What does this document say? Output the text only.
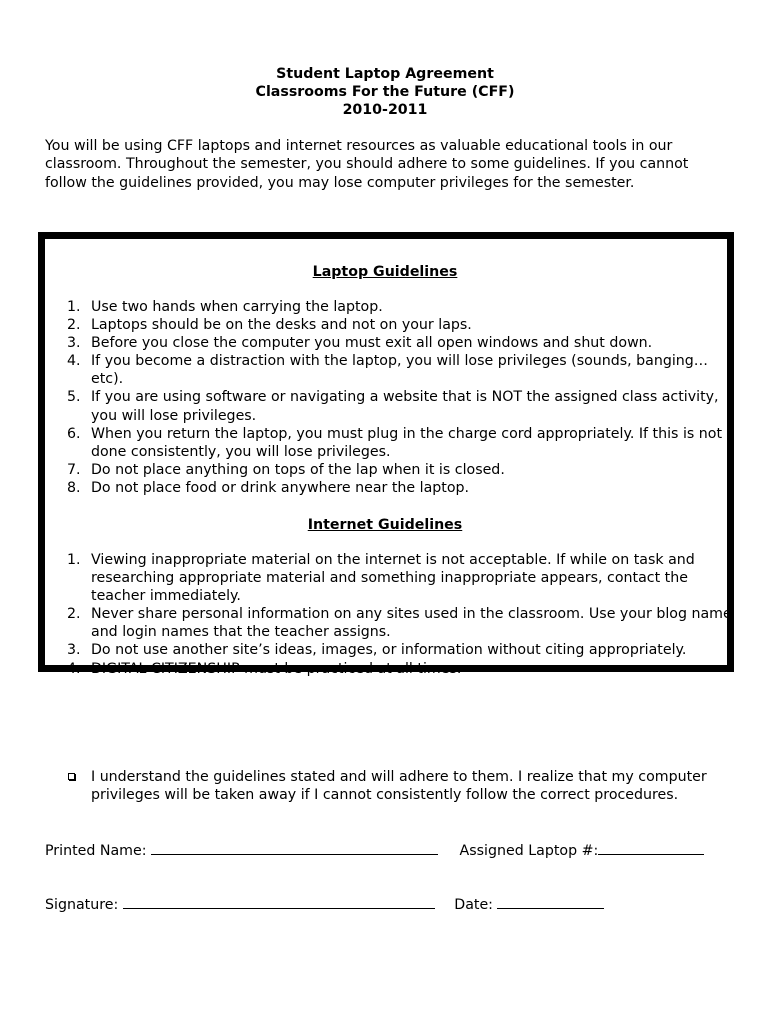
Student Laptop Agreement
Classrooms For the Future (CFF)
2010-2011

You will be using CFF laptops and internet resources as valuable educational tools in our classroom. Throughout the semester, you should adhere to some guidelines. If you cannot follow the guidelines provided, you may lose computer privileges for the semester.

Laptop Guidelines
1. Use two hands when carrying the laptop.
2. Laptops should be on the desks and not on your laps.
3. Before you close the computer you must exit all open windows and shut down.
4. If you become a distraction with the laptop, you will lose privileges (sounds, banging… etc).
5. If you are using software or navigating a website that is NOT the assigned class activity, you will lose privileges.
6. When you return the laptop, you must plug in the charge cord appropriately. If this is not done consistently, you will lose privileges.
7. Do not place anything on tops of the lap when it is closed.
8. Do not place food or drink anywhere near the laptop.
Internet Guidelines
1. Viewing inappropriate material on the internet is not acceptable. If while on task and researching appropriate material and something inappropriate appears, contact the teacher immediately.
2. Never share personal information on any sites used in the classroom. Use your blog name and login names that the teacher assigns.
3. Do not use another site’s ideas, images, or information without citing appropriately.
4. DIGITAL CITIZENSHIP must be practiced at all times.
I understand the guidelines stated and will adhere to them. I realize that my computer privileges will be taken away if I cannot consistently follow the correct procedures.
Printed Name:	Assigned Laptop #:
Signature:	Date:
